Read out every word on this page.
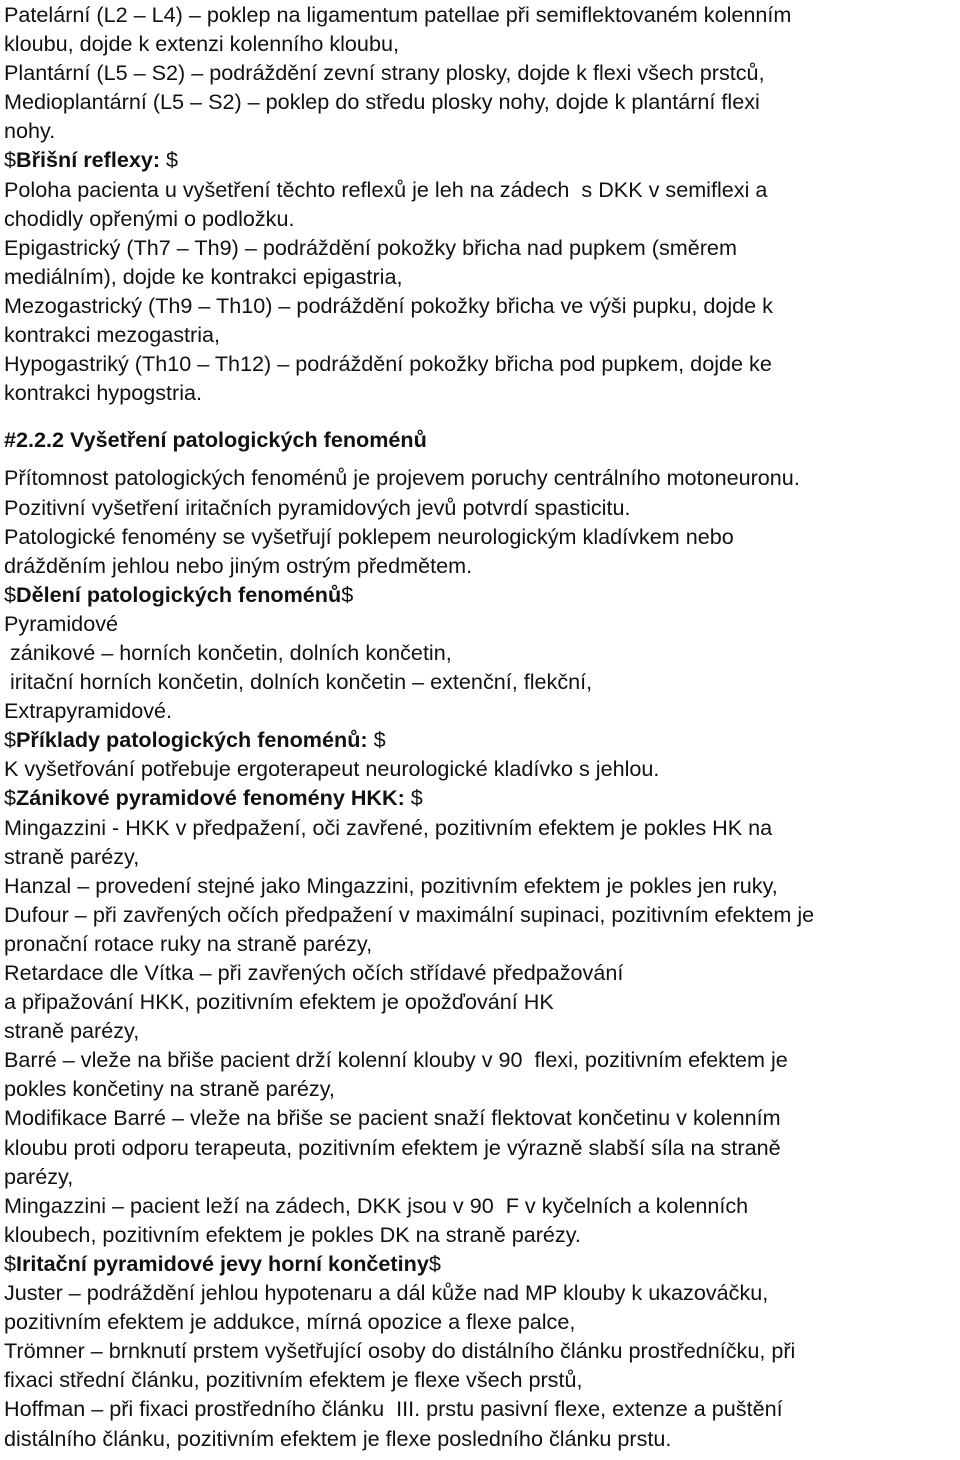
Patelární (L2 – L4) – poklep na ligamentum patellae při semiflektovaném kolenním
kloubu, dojde k extenzi kolenního kloubu,
Plantární (L5 – S2) – podráždění zevní strany plosky, dojde k flexi všech prstců,
Medioplantární (L5 – S2) – poklep do středu plosky nohy, dojde k plantární flexi
nohy.
$Břišní reflexy: $
Poloha pacienta u vyšetření těchto reflexů je leh na zádech  s DKK v semiflexi a
chodidly opřenými o podložku.
Epigastrický (Th7 – Th9) – podráždění pokožky břicha nad pupkem (směrem
mediálním), dojde ke kontrakci epigastria,
Mezogastrický (Th9 – Th10) – podráždění pokožky břicha ve výši pupku, dojde k
kontrakci mezogastria,
Hypogastriký (Th10 – Th12) – podráždění pokožky břicha pod pupkem, dojde ke
kontrakci hypogstria.
#2.2.2 Vyšetření patologických fenoménů
Přítomnost patologických fenoménů je projevem poruchy centrálního motoneuronu.
Pozitivní vyšetření iritačních pyramidových jevů potvrdí spasticitu.
Patologické fenomény se vyšetřují poklepem neurologickým kladívkem nebo
drážděním jehlou nebo jiným ostrým předmětem.
$Dělení patologických fenoménů$
Pyramidové
zánikové – horních končetin, dolních končetin,
iritační horních končetin, dolních končetin – extenční, flekční,
Extrapyramidové.
$Příklady patologických fenoménů: $
K vyšetřování potřebuje ergoterapeut neurologické kladívko s jehlou.
$Zánikové pyramidové fenomény HKK: $
Mingazzini - HKK v předpažení, oči zavřené, pozitivním efektem je pokles HK na
straně parézy,
Hanzal – provedení stejné jako Mingazzini, pozitivním efektem je pokles jen ruky,
Dufour – při zavřených očích předpažení v maximální supinaci, pozitivním efektem je
pronační rotace ruky na straně parézy,
Retardace dle Vítka – při zavřených očích střídavé předpažování
a připažování HKK, pozitivním efektem je opožďování HK
straně parézy,
Barré – vleže na břiše pacient drží kolenní klouby v 90  flexi, pozitivním efektem je
pokles končetiny na straně parézy,
Modifikace Barré – vleže na břiše se pacient snaží flektovat končetinu v kolenním
kloubu proti odporu terapeuta, pozitivním efektem je výrazně slabší síla na straně
parézy,
Mingazzini – pacient leží na zádech, DKK jsou v 90  F v kyčelních a kolenních
kloubech, pozitivním efektem je pokles DK na straně parézy.
$Iritační pyramidové jevy horní končetiny$
Juster – podráždění jehlou hypotenaru a dál kůže nad MP klouby k ukazováčku,
pozitivním efektem je addukce, mírná opozice a flexe palce,
Trömner – brnknutí prstem vyšetřující osoby do distálního článku prostředníčku, při
fixaci střední článku, pozitivním efektem je flexe všech prstů,
Hoffman – při fixaci prostředního článku  III. prstu pasivní flexe, extenze a puštění
distálního článku, pozitivním efektem je flexe posledního článku prstu.
